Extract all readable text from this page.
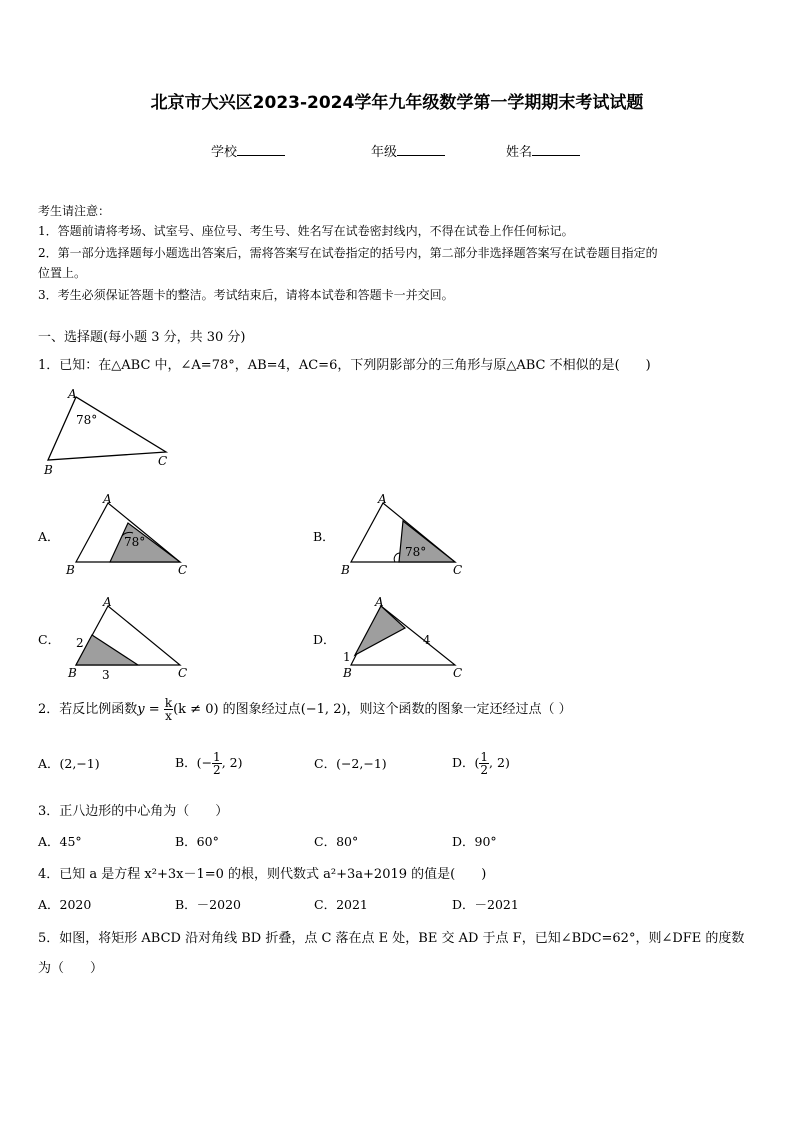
北京市大兴区2023-2024学年九年级数学第一学期期末考试试题
学校	年级	姓名
考生请注意：
1．答题前请将考场、试室号、座位号、考生号、姓名写在试卷密封线内，不得在试卷上作任何标记。
2．第一部分选择题每小题选出答案后，需将答案写在试卷指定的括号内，第二部分非选择题答案写在试卷题目指定的
位置上。
3．考生必须保证答题卡的整洁。考试结束后，请将本试卷和答题卡一并交回。
一、选择题(每小题 3 分，共 30 分)
1．已知：在△ABC 中，∠A=78°，AB=4，AC=6，下列阴影部分的三角形与原△ABC 不相似的是(　　)
A
78°
B
C
A．
A
78°
B	C
B．
A
78°
B	C
C．
A
2
3
B	C
D．
A
4
1
B	C
2．若反比例函数$y = \frac{k}{x} (k \ne 0)$ 的图象经过点(−1, 2)，则这个函数的图象一定还经过点（ ）
A．(2,−1)	B．(− $\frac{1}{2}$ , 2)	C．(−2,−1)	D．( $\frac{1}{2}$ , 2)
3．正八边形的中心角为（　　）
A．45°	B．60°	C．80°	D．90°
4．已知 a 是方程 x²+3x－1=0 的根，则代数式 a²+3a+2019 的值是(　　)
A．2020	B．－2020	C．2021	D．－2021
5．如图，将矩形 ABCD 沿对角线 BD 折叠，点 C 落在点 E 处，BE 交 AD 于点 F，已知∠BDC=62°，则∠DFE 的度数
为（　　）
